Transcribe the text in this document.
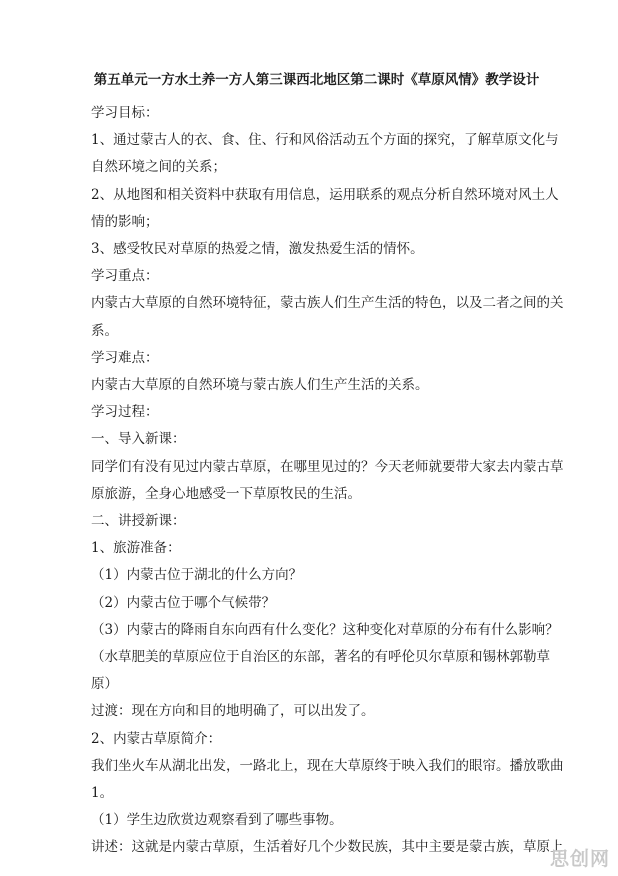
第五单元一方水土养一方人第三课西北地区第二课时《草原风情》教学设计

学习目标：

1、通过蒙古人的衣、食、住、行和风俗活动五个方面的探究，了解草原文化与

自然环境之间的关系；

2、从地图和相关资料中获取有用信息，运用联系的观点分析自然环境对风土人

情的影响；

3、感受牧民对草原的热爱之情，激发热爱生活的情怀。

学习重点：

内蒙古大草原的自然环境特征，蒙古族人们生产生活的特色，以及二者之间的关

系。

学习难点：

内蒙古大草原的自然环境与蒙古族人们生产生活的关系。

学习过程：

一、导入新课：

同学们有没有见过内蒙古草原，在哪里见过的？今天老师就要带大家去内蒙古草

原旅游，全身心地感受一下草原牧民的生活。

二、讲授新课：

1、旅游准备：

（1）内蒙古位于湖北的什么方向？

（2）内蒙古位于哪个气候带？

（3）内蒙古的降雨自东向西有什么变化？这种变化对草原的分布有什么影响？

（水草肥美的草原应位于自治区的东部，著名的有呼伦贝尔草原和锡林郭勒草

原）

过渡：现在方向和目的地明确了，可以出发了。

2、内蒙古草原简介：

我们坐火车从湖北出发，一路北上，现在大草原终于映入我们的眼帘。播放歌曲

1。

（1）学生边欣赏边观察看到了哪些事物。

讲述：这就是内蒙古草原，生活着好几个少数民族，其中主要是蒙古族，草原上

思创网
